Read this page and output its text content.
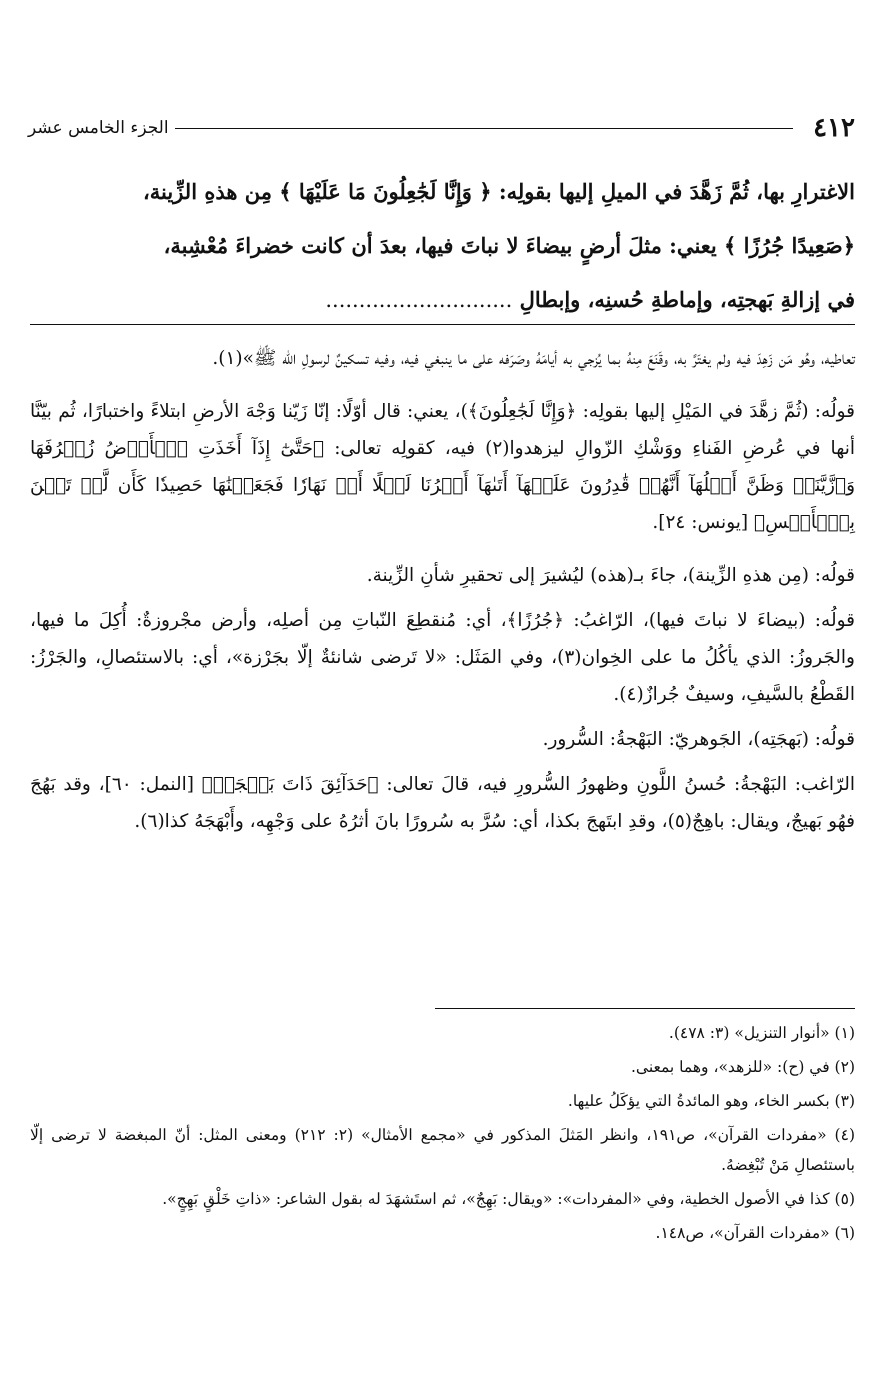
٤١٢
الجزء الخامس عشر

الاغترارِ بها، ثُمَّ زَهَّدَ في الميلِ إليها بقولِه: ﴿ وَإِنَّا لَجَٰعِلُونَ مَا عَلَيْهَا ﴾ مِن هذهِ الزِّينة،

﴿صَعِيدًا جُرُزًا ﴾ يعني: مثلَ أرضٍ بيضاءَ لا نباتَ فيها، بعدَ أن كانت خضراءَ مُعْشِبة،

في إزالةِ بَهجتِه، وإماطةِ حُسنِه، وإبطالِ ............................

تعاطيه، وهُو مَن زَهِدَ فيه ولم يغتَرَّ به، وقَنَعَ مِنهُ بما يُزجي به أيامَهُ وصَرَفه على ما ينبغي فيه، وفيه تسكينٌ لرسولِ الله ﷺ»(١).

قولُه: (ثُمَّ زهَّدَ في المَيْلِ إليها بقولِه: ﴿وَإِنَّا لَجَٰعِلُونَ﴾)، يعني: قال أوّلًا: إنّا زَيّنا وَجْهَ الأرضِ ابتلاءً واختبارًا، ثُم بيّنَّا أنها في عُرضِ الفَناءِ ووَشْكِ الزّوالِ ليزهدوا(٢) فيه، كقولِه تعالى: ﴿حَتَّىٰٓ إِذَآ أَخَذَتِ ٱلۡأَرۡضُ زُخۡرُفَهَا وَٱزَّيَّنَتۡ وَظَنَّ أَهۡلُهَآ أَنَّهُمۡ قَٰدِرُونَ عَلَيۡهَآ أَتَىٰهَآ أَمۡرُنَا لَيۡلًا أَوۡ نَهَارٗا فَجَعَلۡنَٰهَا حَصِيدٗا كَأَن لَّمۡ تَغۡنَ بِٱلۡأَمۡسِ﴾ [يونس: ٢٤].

قولُه: (مِن هذهِ الزِّينة)، جاءَ بـ(هذه) ليُشيرَ إلى تحقيرِ شأنِ الزِّينة.

قولُه: (بيضاءَ لا نباتَ فيها)، الرّاغبُ: ﴿جُرُزًا﴾، أي: مُنقطِعَ النّباتِ مِن أصلِه، وأرض مجْروزةٌ: أُكِلَ ما فيها، والجَروزُ: الذي يأكُلُ ما على الخِوان(٣)، وفي المَثَل: «لا تَرضى شانئةٌ إلّا بجَرْزة»، أي: بالاستئصالِ، والجَرْزُ: القَطْعُ بالسَّيفِ، وسيفٌ جُرازٌ(٤).

قولُه: (بَهجَتِه)، الجَوهريّ: البَهْجةُ: السُّرور.

الرّاغب: البَهْجةُ: حُسنُ اللَّونِ وظهورُ السُّرورِ فيه، قالَ تعالى: ﴿حَدَآئِقَ ذَاتَ بَهۡجَةٖ﴾ [النمل: ٦٠]، وقد بَهُجَ فهُو بَهيجٌ، ويقال: باهِجٌ(٥)، وقدِ ابتَهجَ بكذا، أي: سُرَّ به سُرورًا بانَ أثرُهُ على وَجْهِه، وأَبْهَجَهُ كذا(٦).

(١) «أنوار التنزيل» (٣: ٤٧٨).

(٢) في (ح): «للزهد»، وهما بمعنى.

(٣) بكسر الخاء، وهو المائدةُ التي يؤكَلُ عليها.

(٤) «مفردات القرآن»، ص١٩١، وانظر المَثلَ المذكور في «مجمع الأمثال» (٢: ٢١٢) ومعنى المثل: أنّ المبغضة لا ترضى إلّا باستئصالِ مَنْ تُبْغِضهُ.

(٥) كذا في الأصول الخطية، وفي «المفردات»: «ويقال: بَهِجٌ»، ثم استَشهَدَ له بقول الشاعر: «ذاتِ خَلْقٍ بَهِجٍ».

(٦) «مفردات القرآن»، ص١٤٨.
